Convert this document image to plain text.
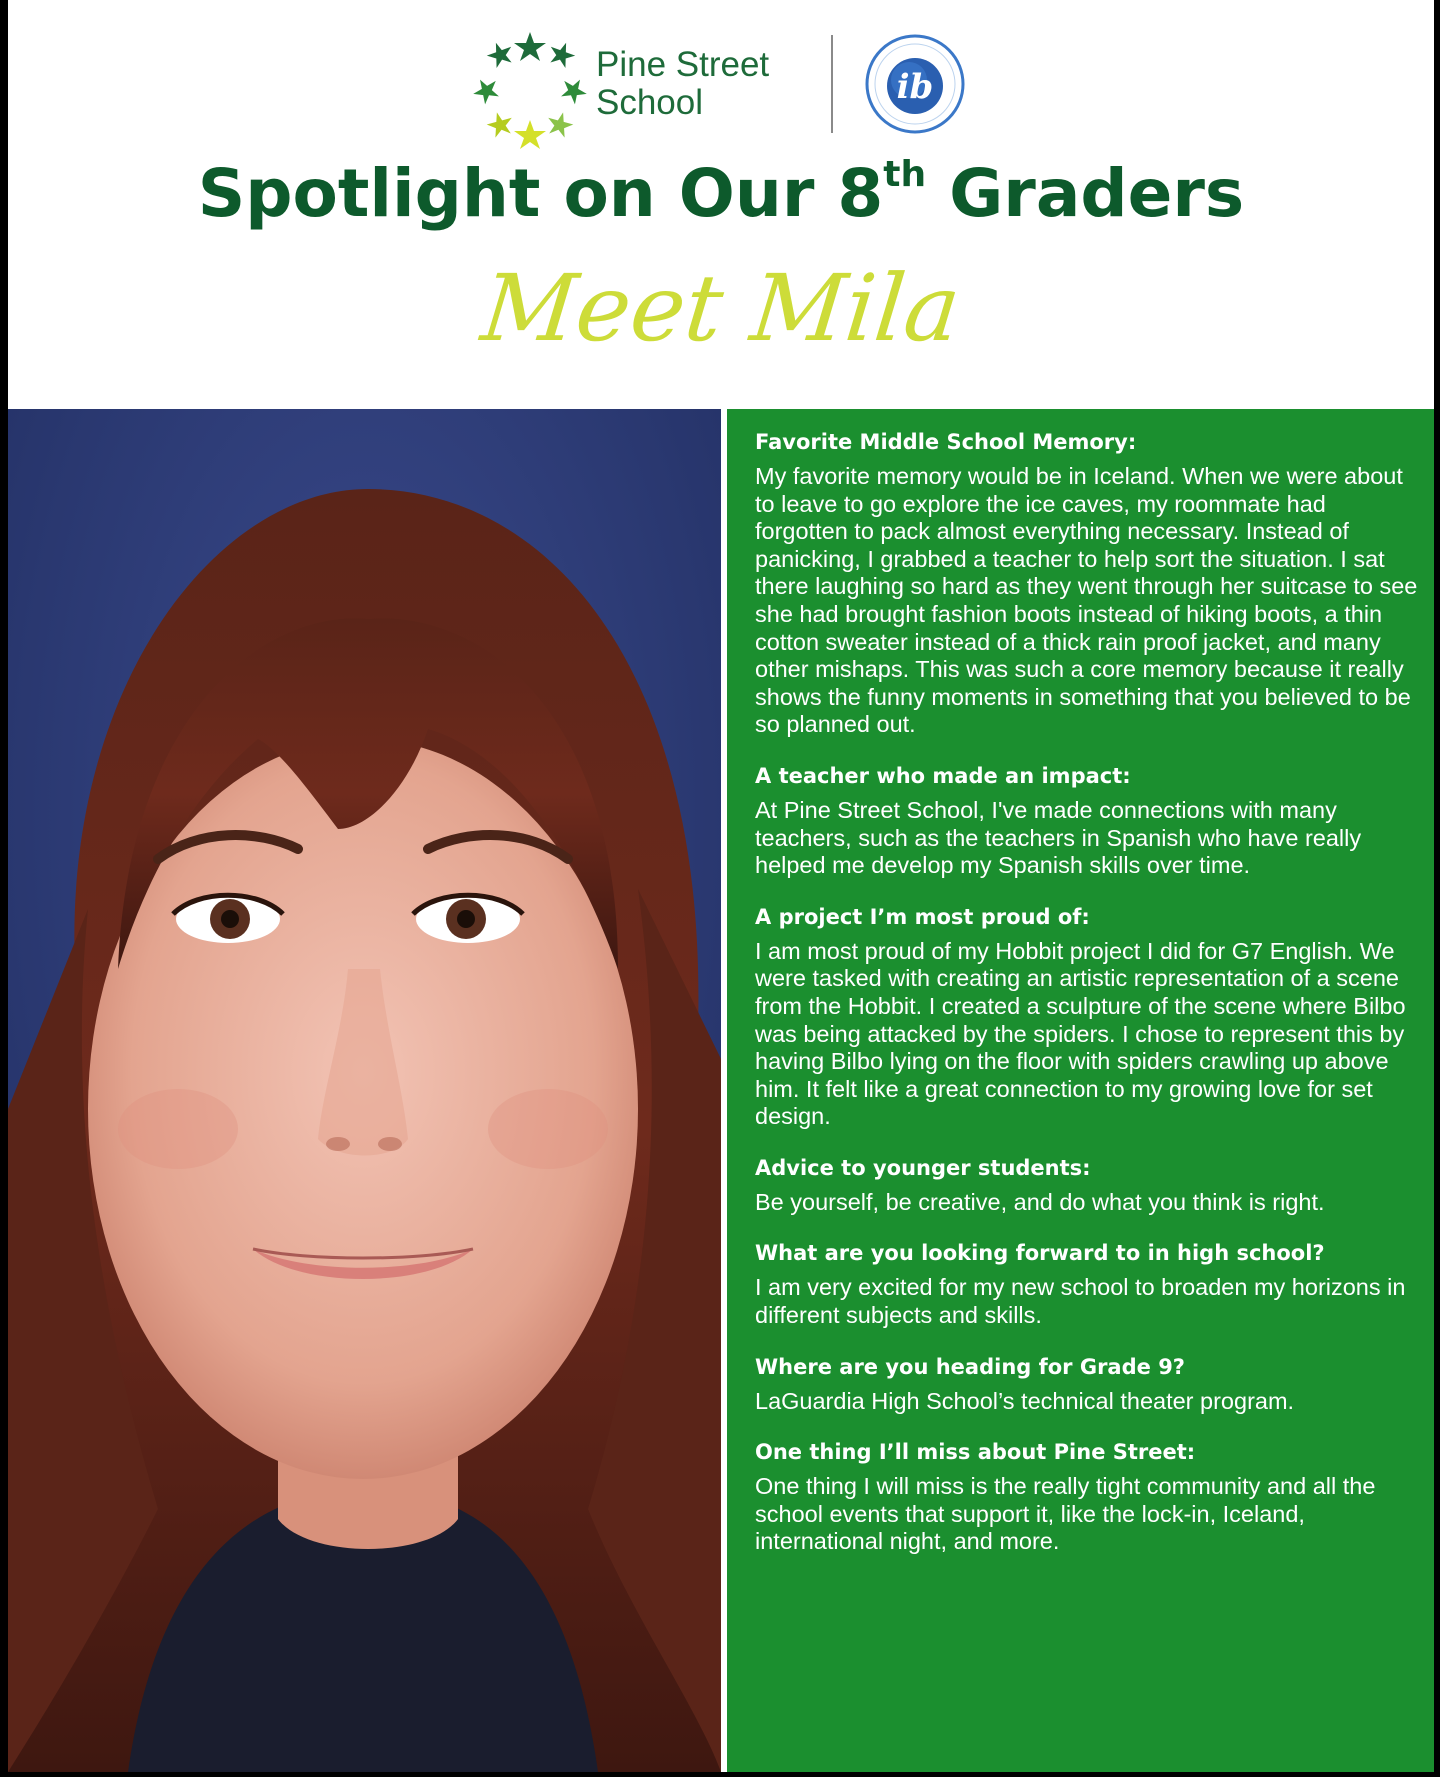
Pine Street
School	ib
Spotlight on Our 8th Graders
Meet Mila

Favorite Middle School Memory:

My favorite memory would be in Iceland. When we were about to leave to go explore the ice caves, my roommate had forgotten to pack almost everything necessary. Instead of panicking, I grabbed a teacher to help sort the situation. I sat there laughing so hard as they went through her suitcase to see she had brought fashion boots instead of hiking boots, a thin cotton sweater instead of a thick rain proof jacket, and many other mishaps. This was such a core memory because it really shows the funny moments in something that you believed to be so planned out.

A teacher who made an impact:

At Pine Street School, I've made connections with many teachers, such as the teachers in Spanish who have really helped me develop my Spanish skills over time.

A project I’m most proud of:

I am most proud of my Hobbit project I did for G7 English. We were tasked with creating an artistic representation of a scene from the Hobbit. I created a sculpture of the scene where Bilbo was being attacked by the spiders. I chose to represent this by having Bilbo lying on the floor with spiders crawling up above him. It felt like a great connection to my growing love for set design.

Advice to younger students:

Be yourself, be creative, and do what you think is right.

What are you looking forward to in high school?

I am very excited for my new school to broaden my horizons in different subjects and skills.

Where are you heading for Grade 9?

LaGuardia High School’s technical theater program.

One thing I’ll miss about Pine Street:

One thing I will miss is the really tight community and all the school events that support it, like the lock-in, Iceland, international night, and more.
